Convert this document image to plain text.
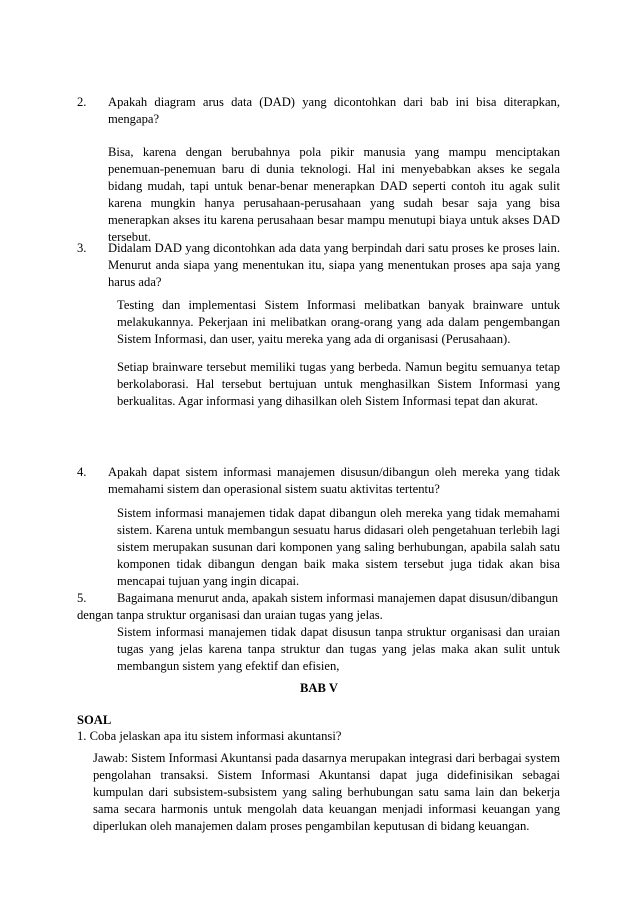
2. Apakah diagram arus data (DAD) yang dicontohkan dari bab ini bisa diterapkan, mengapa?

Bisa, karena dengan berubahnya pola pikir manusia yang mampu menciptakan penemuan-penemuan baru di dunia teknologi. Hal ini menyebabkan akses ke segala bidang mudah, tapi untuk benar-benar menerapkan DAD seperti contoh itu agak sulit karena mungkin hanya perusahaan-perusahaan yang sudah besar saja yang bisa menerapkan akses itu karena perusahaan besar mampu menutupi biaya untuk akses DAD tersebut.

3. Didalam DAD yang dicontohkan ada data yang berpindah dari satu proses ke proses lain. Menurut anda siapa yang menentukan itu, siapa yang menentukan proses apa saja yang harus ada?

Testing dan implementasi Sistem Informasi melibatkan banyak brainware untuk melakukannya. Pekerjaan ini melibatkan orang-orang yang ada dalam pengembangan Sistem Informasi, dan user, yaitu mereka yang ada di organisasi (Perusahaan).

Setiap brainware tersebut memiliki tugas yang berbeda. Namun begitu semuanya tetap berkolaborasi. Hal tersebut bertujuan untuk menghasilkan Sistem Informasi yang berkualitas. Agar informasi yang dihasilkan oleh Sistem Informasi tepat dan akurat.

4. Apakah dapat sistem informasi manajemen disusun/dibangun oleh mereka yang tidak memahami sistem dan operasional sistem suatu aktivitas tertentu?

Sistem informasi manajemen tidak dapat dibangun oleh mereka yang tidak memahami sistem. Karena untuk membangun sesuatu harus didasari oleh pengetahuan terlebih lagi sistem merupakan susunan dari komponen yang saling berhubungan, apabila salah satu komponen tidak dibangun dengan baik maka sistem tersebut juga tidak akan bisa mencapai tujuan yang ingin dicapai.

5. Bagaimana menurut anda, apakah sistem informasi manajemen dapat disusun/dibangun

dengan tanpa struktur organisasi dan uraian tugas yang jelas.

Sistem informasi manajemen tidak dapat disusun tanpa struktur organisasi dan uraian tugas yang jelas karena tanpa struktur dan tugas yang jelas maka akan sulit untuk membangun sistem yang efektif dan efisien,

BAB V

SOAL

1. Coba jelaskan apa itu sistem informasi akuntansi?

Jawab: Sistem Informasi Akuntansi pada dasarnya merupakan integrasi dari berbagai system pengolahan transaksi. Sistem Informasi Akuntansi dapat juga didefinisikan sebagai kumpulan dari subsistem-subsistem yang saling berhubungan satu sama lain dan bekerja sama secara harmonis untuk mengolah data keuangan menjadi informasi keuangan yang diperlukan oleh manajemen dalam proses pengambilan keputusan di bidang keuangan.
